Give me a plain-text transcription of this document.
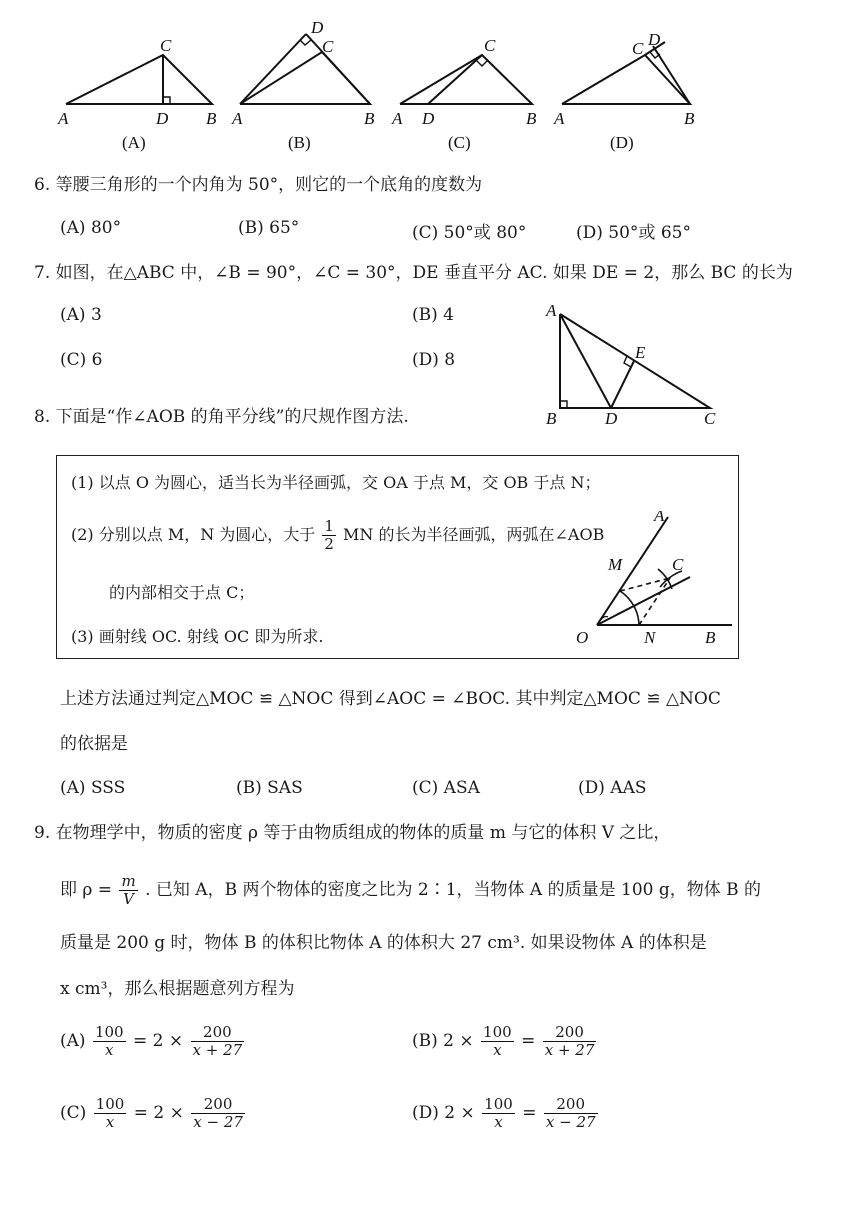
A	D B
C
A	B
C
D
A D	B
C
A	B
C D
(A)	(B)	(C)	(D)
6. 等腰三角形的一个内角为 50°，则它的一个底角的度数为
(A) 80°	(B) 65°	(C) 50°或 80°	(D) 50°或 65°
7. 如图，在△ABC 中，∠B = 90°，∠C = 30°，DE 垂直平分 AC. 如果 DE = 2，那么 BC 的长为
(A) 3	(B) 4
(C) 6	(D) 8
A
B	D	C
E
8. 下面是“作∠AOB 的角平分线”的尺规作图方法.
(1) 以点 O 为圆心，适当长为半径画弧，交 OA 于点 M，交 OB 于点 N；
(2) 分别以点 M，N 为圆心，大于 $\frac{1}{2}$ MN 的长为半径画弧，两弧在∠AOB
的内部相交于点 C；
(3) 画射线 OC. 射线 OC 即为所求.	O
M
N
C
A
B
上述方法通过判定△MOC ≌ △NOC 得到∠AOC = ∠BOC. 其中判定△MOC ≌ △NOC
的依据是
(A) SSS	(B) SAS	(C) ASA	(D) AAS
9. 在物理学中，物质的密度 ρ 等于由物质组成的物体的质量 m 与它的体积 V 之比，
即 $\rho = \frac{m}{V}$ . 已知 A，B 两个物体的密度之比为 2∶1，当物体 A 的质量是 100 g，物体 B 的
质量是 200 g 时，物体 B 的体积比物体 A 的体积大 27 cm³. 如果设物体 A 的体积是
x cm³，那么根据题意列方程为
$(A) \frac{100}{x} = 2 \times \frac{200}{x + 27}$	(B) $2 \times \frac{100}{x} = \frac{200}{x + 27}$
$(C) \frac{100}{x} = 2 \times \frac{200}{x - 27}$	(D) $2 \times \frac{100}{x} = \frac{200}{x - 27}$
